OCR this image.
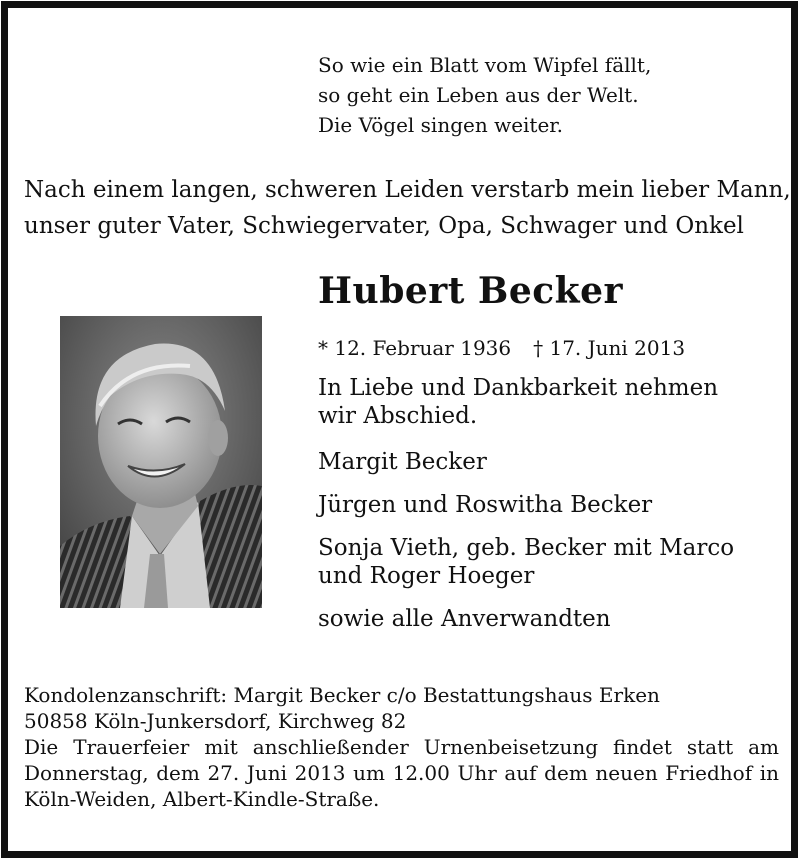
So wie ein Blatt vom Wipfel fällt,
so geht ein Leben aus der Welt.
Die Vögel singen weiter.
Nach einem langen, schweren Leiden verstarb mein lieber Mann,
unser guter Vater, Schwiegervater, Opa, Schwager und Onkel
Hubert Becker
* 12. Februar 1936 † 17. Juni 2013
In Liebe und Dankbarkeit nehmen
wir Abschied.
Margit Becker
Jürgen und Roswitha Becker
Sonja Vieth, geb. Becker mit Marco
und Roger Hoeger
sowie alle Anverwandten
Kondolenzanschrift: Margit Becker c/o Bestattungshaus Erken
50858 Köln-Junkersdorf, Kirchweg 82
Die Trauerfeier mit anschließender Urnenbeisetzung findet statt am
Donnerstag, dem 27. Juni 2013 um 12.00 Uhr auf dem neuen Friedhof in
Köln-Weiden, Albert-Kindle-Straße.
